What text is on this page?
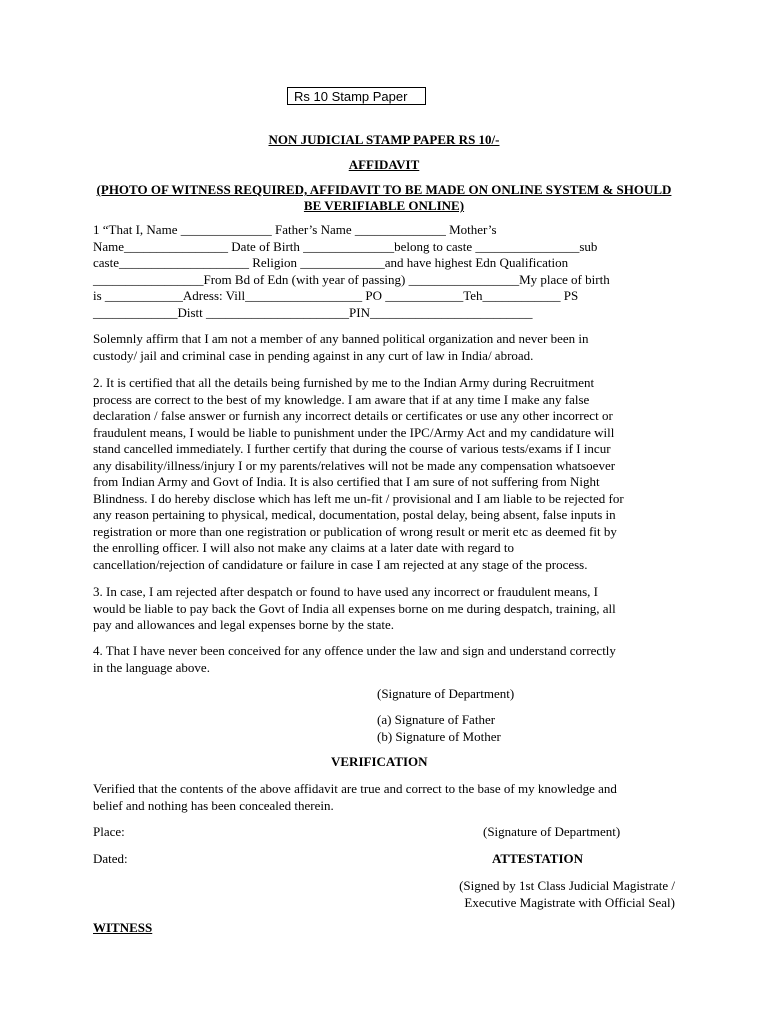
Rs 10 Stamp Paper
NON JUDICIAL STAMP PAPER RS 10/-
AFFIDAVIT
(PHOTO OF WITNESS REQUIRED, AFFIDAVIT TO BE MADE ON ONLINE SYSTEM & SHOULD
BE VERIFIABLE ONLINE)
1 “That I, Name ______________ Father’s Name ______________ Mother’s
Name________________ Date of Birth ______________belong to caste ________________sub
caste____________________ Religion _____________and have highest Edn Qualification
_________________From Bd of Edn (with year of passing) _________________My place of birth
is ____________Adress: Vill__________________ PO ____________Teh____________ PS
_____________Distt ______________________PIN_________________________
Solemnly affirm that I am not a member of any banned political organization and never been in
custody/ jail and criminal case in pending against in any curt of law in India/ abroad.
2. It is certified that all the details being furnished by me to the Indian Army during Recruitment
process are correct to the best of my knowledge. I am aware that if at any time I make any false
declaration / false answer or furnish any incorrect details or certificates or use any other incorrect or
fraudulent means, I would be liable to punishment under the IPC/Army Act and my candidature will
stand cancelled immediately. I further certify that during the course of various tests/exams if I incur
any disability/illness/injury I or my parents/relatives will not be made any compensation whatsoever
from Indian Army and Govt of India. It is also certified that I am sure of not suffering from Night
Blindness. I do hereby disclose which has left me un-fit / provisional and I am liable to be rejected for
any reason pertaining to physical, medical, documentation, postal delay, being absent, false inputs in
registration or more than one registration or publication of wrong result or merit etc as deemed fit by
the enrolling officer. I will also not make any claims at a later date with regard to
cancellation/rejection of candidature or failure in case I am rejected at any stage of the process.
3. In case, I am rejected after despatch or found to have used any incorrect or fraudulent means, I
would be liable to pay back the Govt of India all expenses borne on me during despatch, training, all
pay and allowances and legal expenses borne by the state.
4. That I have never been conceived for any offence under the law and sign and understand correctly
in the language above.
(Signature of Department)
(a) Signature of Father
(b) Signature of Mother
VERIFICATION
Verified that the contents of the above affidavit are true and correct to the base of my knowledge and
belief and nothing has been concealed therein.
Place:	(Signature of Department)
Dated:	ATTESTATION
(Signed by 1st Class Judicial Magistrate /
Executive Magistrate with Official Seal)
WITNESS
